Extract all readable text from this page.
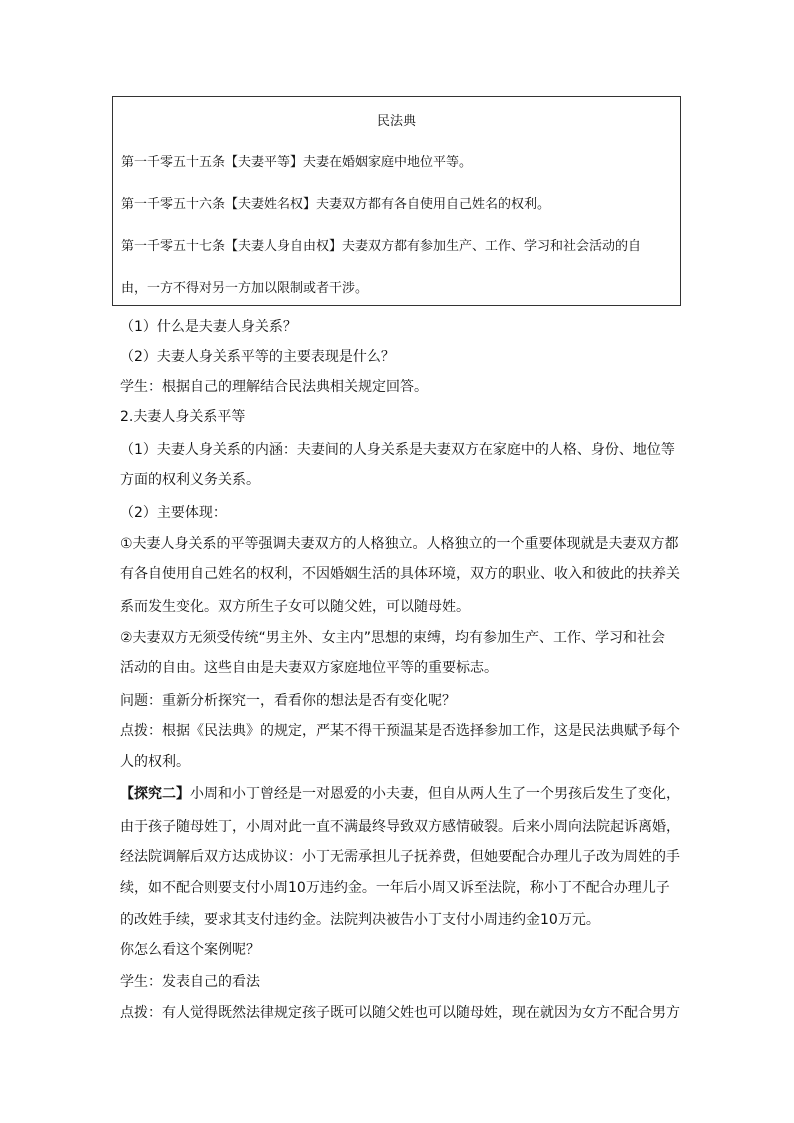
民法典
第一千零五十五条【夫妻平等】夫妻在婚姻家庭中地位平等。
第一千零五十六条【夫妻姓名权】夫妻双方都有各自使用自己姓名的权利。
第一千零五十七条【夫妻人身自由权】夫妻双方都有参加生产、工作、学习和社会活动的自
由，一方不得对另一方加以限制或者干涉。
（1）什么是夫妻人身关系？
（2）夫妻人身关系平等的主要表现是什么？
学生：根据自己的理解结合民法典相关规定回答。
2.夫妻人身关系平等
（1）夫妻人身关系的内涵：夫妻间的人身关系是夫妻双方在家庭中的人格、身份、地位等
方面的权利义务关系。
（2）主要体现：
①夫妻人身关系的平等强调夫妻双方的人格独立。人格独立的一个重要体现就是夫妻双方都
有各自使用自己姓名的权利，不因婚姻生活的具体环境，双方的职业、收入和彼此的扶养关
系而发生变化。双方所生子女可以随父姓，可以随母姓。
②夫妻双方无须受传统“男主外、女主内”思想的束缚，均有参加生产、工作、学习和社会
活动的自由。这些自由是夫妻双方家庭地位平等的重要标志。
问题：重新分析探究一，看看你的想法是否有变化呢？
点拨：根据《民法典》的规定，严某不得干预温某是否选择参加工作，这是民法典赋予每个
人的权利。
【探究二】小周和小丁曾经是一对恩爱的小夫妻，但自从两人生了一个男孩后发生了变化，
由于孩子随母姓丁，小周对此一直不满最终导致双方感情破裂。后来小周向法院起诉离婚，
经法院调解后双方达成协议：小丁无需承担儿子抚养费，但她要配合办理儿子改为周姓的手
续，如不配合则要支付小周10万违约金。一年后小周又诉至法院，称小丁不配合办理儿子
的改姓手续，要求其支付违约金。法院判决被告小丁支付小周违约金10万元。
你怎么看这个案例呢？
学生：发表自己的看法
点拨：有人觉得既然法律规定孩子既可以随父姓也可以随母姓，现在就因为女方不配合男方
